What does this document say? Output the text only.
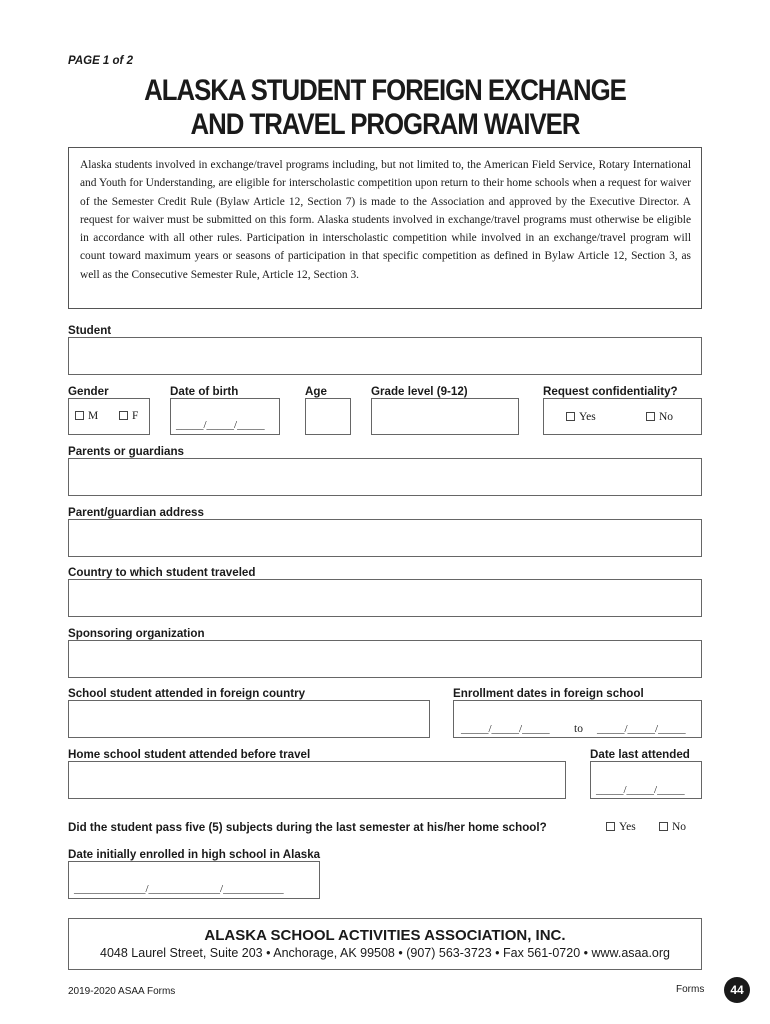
PAGE 1 of 2
ALASKA STUDENT FOREIGN EXCHANGE
AND TRAVEL PROGRAM WAIVER
Alaska students involved in exchange/travel programs including, but not limited to, the American Field Service, Rotary International and Youth for Understanding, are eligible for interscholastic competition upon return to their home schools when a request for waiver of the Semester Credit Rule (Bylaw Article 12, Section 7) is made to the Association and approved by the Executive Director. A request for waiver must be submitted on this form. Alaska students involved in exchange/travel programs must otherwise be eligible in accordance with all other rules. Participation in interscholastic competition while involved in an exchange/travel program will count toward maximum years or seasons of participation in that specific competition as defined in Bylaw Article 12, Section 3, as well as the Consecutive Semester Rule, Article 12, Section 3.
Student
Gender	Date of birth	Age	Grade level (9-12)	Request confidentiality?
M	F
_____/_____/_____
Yes	No
Parents or guardians
Parent/guardian address
Country to which student traveled
Sponsoring organization
School student attended in foreign country	Enrollment dates in foreign school
_____/_____/_____ to _____/_____/_____
Home school student attended before travel	Date last attended
_____/_____/_____
Did the student pass five (5) subjects during the last semester at his/her home school?	Yes	No
Date initially enrolled in high school in Alaska
_____________/_____________/___________
ALASKA SCHOOL ACTIVITIES ASSOCIATION, INC.
4048 Laurel Street, Suite 203 • Anchorage, AK 99508 • (907) 563-3723 • Fax 561-0720 • www.asaa.org
2019-2020 ASAA Forms	Forms	44
